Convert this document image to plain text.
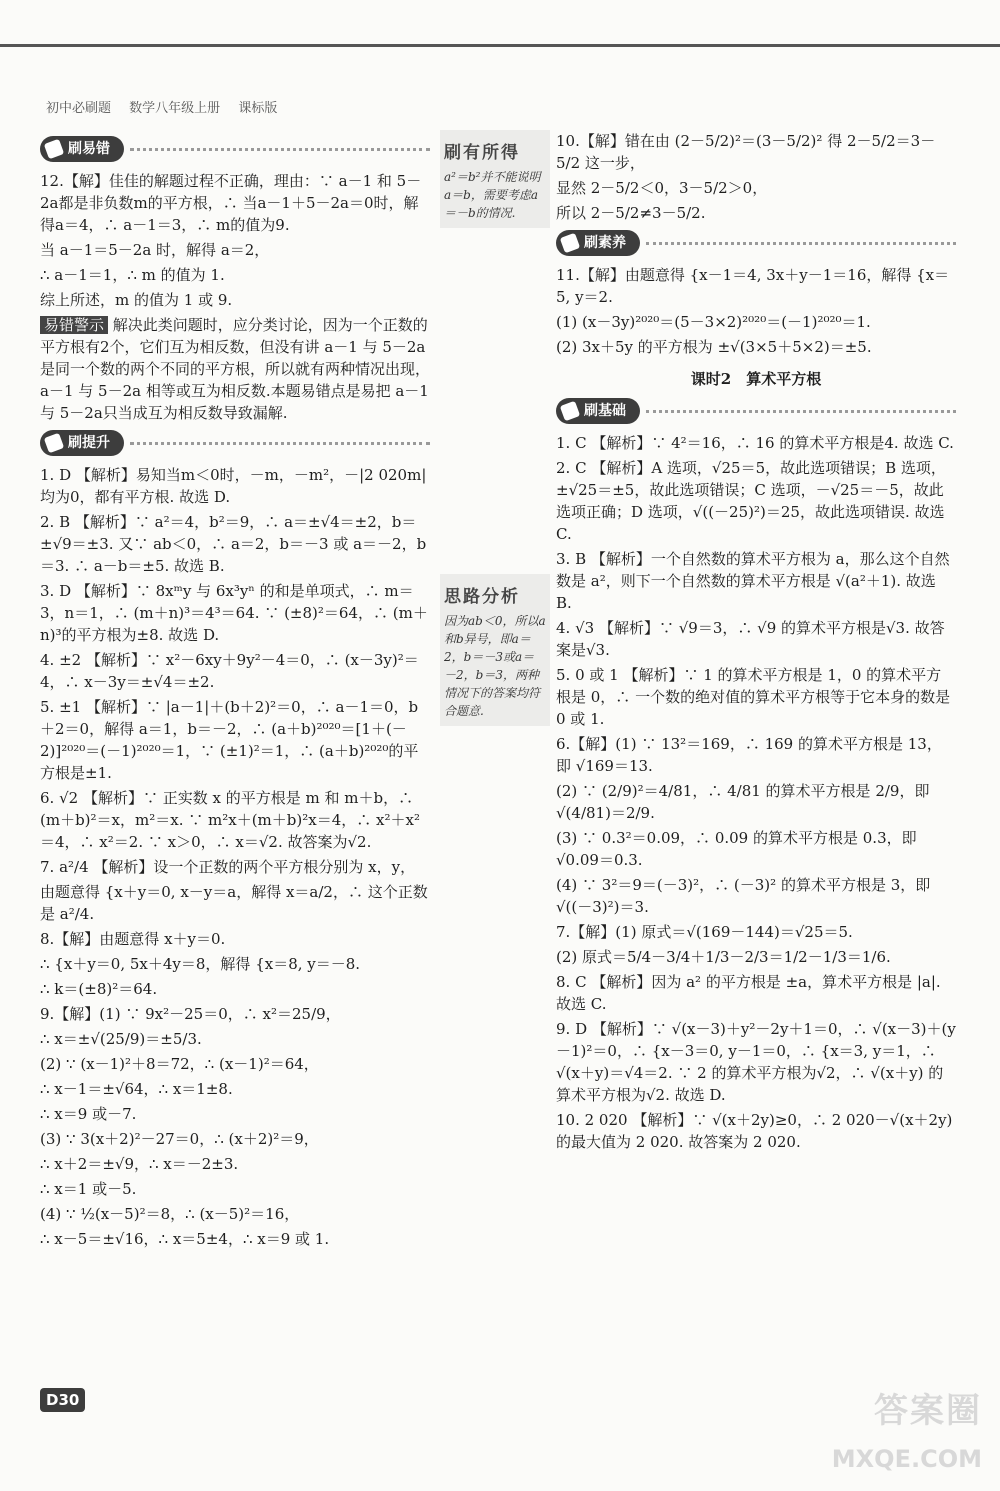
初中必刷题 数学八年级上册 课标版
刷易错

12.【解】佳佳的解题过程不正确，理由：∵ a－1 和 5－2a都是非负数m的平方根，∴ 当a－1＋5－2a＝0时，解得a＝4，∴ a－1＝3，∴ m的值为9.

当 a－1＝5－2a 时，解得 a＝2，

∴ a－1＝1，∴ m 的值为 1.

综上所述，m 的值为 1 或 9.

易错警示 解决此类问题时，应分类讨论，因为一个正数的平方根有2个，它们互为相反数，但没有讲 a－1 与 5－2a是同一个数的两个不同的平方根，所以就有两种情况出现，a－1 与 5－2a 相等或互为相反数.本题易错点是易把 a－1 与 5－2a只当成互为相反数导致漏解.

刷提升

1. D 【解析】易知当m＜0时，－m，－m²，－|2 020m| 均为0，都有平方根. 故选 D.

2. B 【解析】∵ a²＝4，b²＝9，∴ a＝±√4＝±2，b＝±√9＝±3. 又∵ ab＜0，∴ a＝2，b＝－3 或 a＝－2，b＝3. ∴ a－b＝±5. 故选 B.

3. D 【解析】∵ 8xᵐy 与 6x³yⁿ 的和是单项式，∴ m＝3，n＝1，∴ (m＋n)³＝4³＝64. ∵ (±8)²＝64，∴ (m＋n)³的平方根为±8. 故选 D.

4. ±2 【解析】∵ x²－6xy＋9y²－4＝0，∴ (x－3y)²＝4，∴ x－3y＝±√4＝±2.

5. ±1 【解析】∵ |a－1|＋(b＋2)²＝0，∴ a－1＝0，b＋2＝0，解得 a＝1，b＝－2，∴ (a＋b)²⁰²⁰＝[1＋(－2)]²⁰²⁰＝(－1)²⁰²⁰＝1，∵ (±1)²＝1，∴ (a＋b)²⁰²⁰的平方根是±1.

6. √2 【解析】∵ 正实数 x 的平方根是 m 和 m＋b，∴ (m＋b)²＝x，m²＝x. ∵ m²x＋(m＋b)²x＝4，∴ x²＋x²＝4，∴ x²＝2. ∵ x＞0，∴ x＝√2. 故答案为√2.

7. a²/4 【解析】设一个正数的两个平方根分别为 x，y，

由题意得 {x＋y＝0, x－y＝a，解得 x＝a/2，∴ 这个正数是 a²/4.

8.【解】由题意得 x＋y＝0.

∴ {x＋y＝0, 5x＋4y＝8，解得 {x＝8, y＝－8.

∴ k＝(±8)²＝64.

9.【解】(1) ∵ 9x²－25＝0，∴ x²＝25/9，

∴ x＝±√(25/9)＝±5/3.

(2) ∵ (x－1)²＋8＝72，∴ (x－1)²＝64，

∴ x－1＝±√64，∴ x＝1±8.

∴ x＝9 或－7.

(3) ∵ 3(x＋2)²－27＝0，∴ (x＋2)²＝9，

∴ x＋2＝±√9，∴ x＝－2±3.

∴ x＝1 或－5.

(4) ∵ ½(x－5)²＝8，∴ (x－5)²＝16，

∴ x－5＝±√16，∴ x＝5±4，∴ x＝9 或 1.

刷有所得
a²＝b²并不能说明a＝b，需要考虑a＝－b的情况.
思路分析
因为ab＜0，所以a和b异号，即a＝2，b＝－3或a＝－2，b＝3，两种情况下的答案均符合题意.

10.【解】错在由 (2－5/2)²＝(3－5/2)² 得 2－5/2＝3－5/2 这一步，

显然 2－5/2＜0，3－5/2＞0，

所以 2－5/2≠3－5/2.

刷素养

11.【解】由题意得 {x－1＝4, 3x＋y－1＝16，解得 {x＝5, y＝2.

(1) (x－3y)²⁰²⁰＝(5－3×2)²⁰²⁰＝(－1)²⁰²⁰＝1.

(2) 3x＋5y 的平方根为 ±√(3×5＋5×2)＝±5.

课时2　算术平方根
刷基础

1. C 【解析】∵ 4²＝16，∴ 16 的算术平方根是4. 故选 C.

2. C 【解析】A 选项，√25＝5，故此选项错误；B 选项，±√25＝±5，故此选项错误；C 选项，－√25＝－5，故此选项正确；D 选项，√((－25)²)＝25，故此选项错误. 故选 C.

3. B 【解析】一个自然数的算术平方根为 a，那么这个自然数是 a²，则下一个自然数的算术平方根是 √(a²＋1). 故选 B.

4. √3 【解析】∵ √9＝3，∴ √9 的算术平方根是√3. 故答案是√3.

5. 0 或 1 【解析】∵ 1 的算术平方根是 1，0 的算术平方根是 0，∴ 一个数的绝对值的算术平方根等于它本身的数是 0 或 1.

6.【解】(1) ∵ 13²＝169，∴ 169 的算术平方根是 13，即 √169＝13.

(2) ∵ (2/9)²＝4/81，∴ 4/81 的算术平方根是 2/9，即 √(4/81)＝2/9.

(3) ∵ 0.3²＝0.09，∴ 0.09 的算术平方根是 0.3，即 √0.09＝0.3.

(4) ∵ 3²＝9＝(－3)²，∴ (－3)² 的算术平方根是 3，即 √((－3)²)＝3.

7.【解】(1) 原式＝√(169－144)＝√25＝5.

(2) 原式＝5/4－3/4＋1/3－2/3＝1/2－1/3＝1/6.

8. C 【解析】因为 a² 的平方根是 ±a，算术平方根是 |a|. 故选 C.

9. D 【解析】∵ √(x－3)＋y²－2y＋1＝0，∴ √(x－3)＋(y－1)²＝0，∴ {x－3＝0, y－1＝0，∴ {x＝3, y＝1，∴ √(x＋y)＝√4＝2. ∵ 2 的算术平方根为√2，∴ √(x＋y) 的算术平方根为√2. 故选 D.

10. 2 020 【解析】∵ √(x＋2y)≥0，∴ 2 020－√(x＋2y) 的最大值为 2 020. 故答案为 2 020.

D30	答案圈
MXQE.COM
